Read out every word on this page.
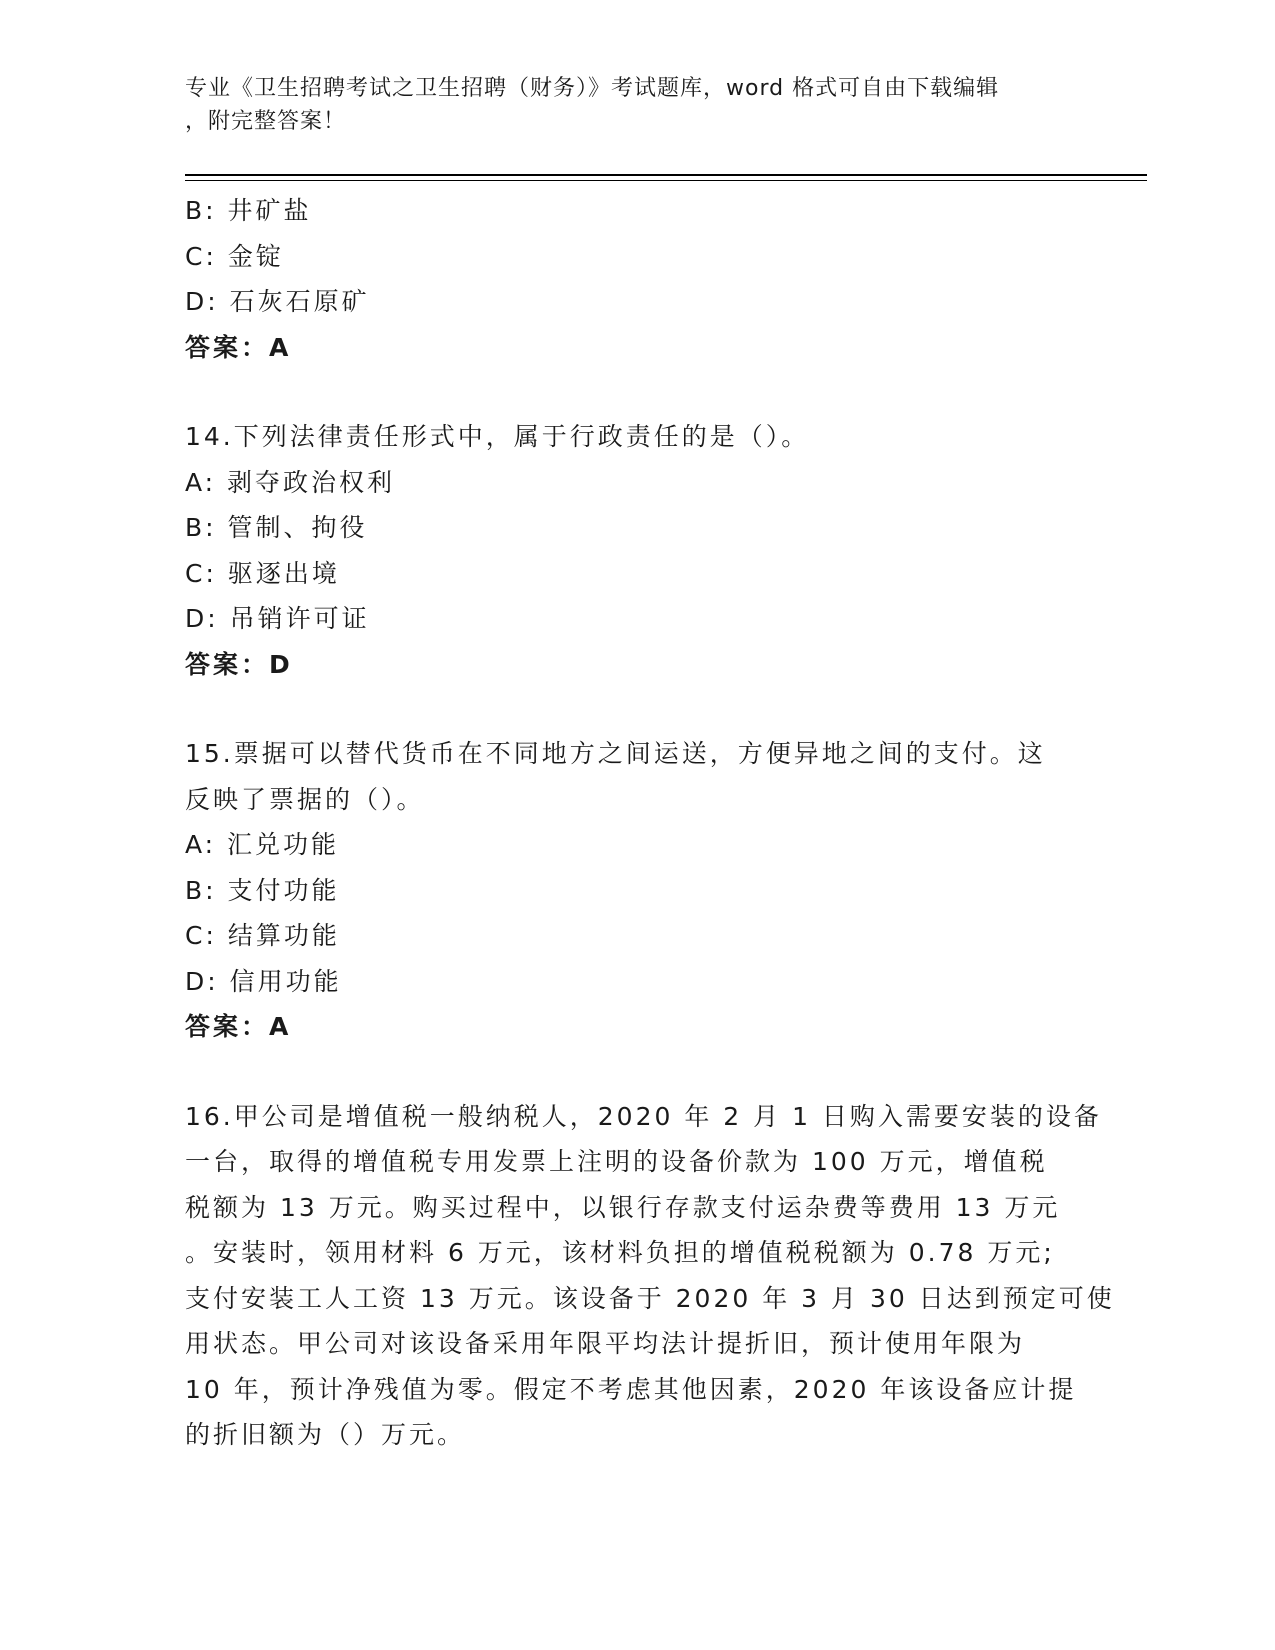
专业《卫生招聘考试之卫生招聘（财务）》考试题库，word 格式可自由下载编辑
，附完整答案！
B: 井矿盐
C: 金锭
D: 石灰石原矿
答案：A
14.下列法律责任形式中，属于行政责任的是（）。
A: 剥夺政治权利
B: 管制、拘役
C: 驱逐出境
D: 吊销许可证
答案：D
15.票据可以替代货币在不同地方之间运送，方便异地之间的支付。这
反映了票据的（）。
A: 汇兑功能
B: 支付功能
C: 结算功能
D: 信用功能
答案：A
16.甲公司是增值税一般纳税人，2020 年 2 月 1 日购入需要安装的设备
一台，取得的增值税专用发票上注明的设备价款为 100 万元，增值税
税额为 13 万元。购买过程中，以银行存款支付运杂费等费用 13 万元
。安装时，领用材料 6 万元，该材料负担的增值税税额为 0.78 万元;
支付安装工人工资 13 万元。该设备于 2020 年 3 月 30 日达到预定可使
用状态。甲公司对该设备采用年限平均法计提折旧，预计使用年限为
10 年，预计净残值为零。假定不考虑其他因素，2020 年该设备应计提
的折旧额为（）万元。
